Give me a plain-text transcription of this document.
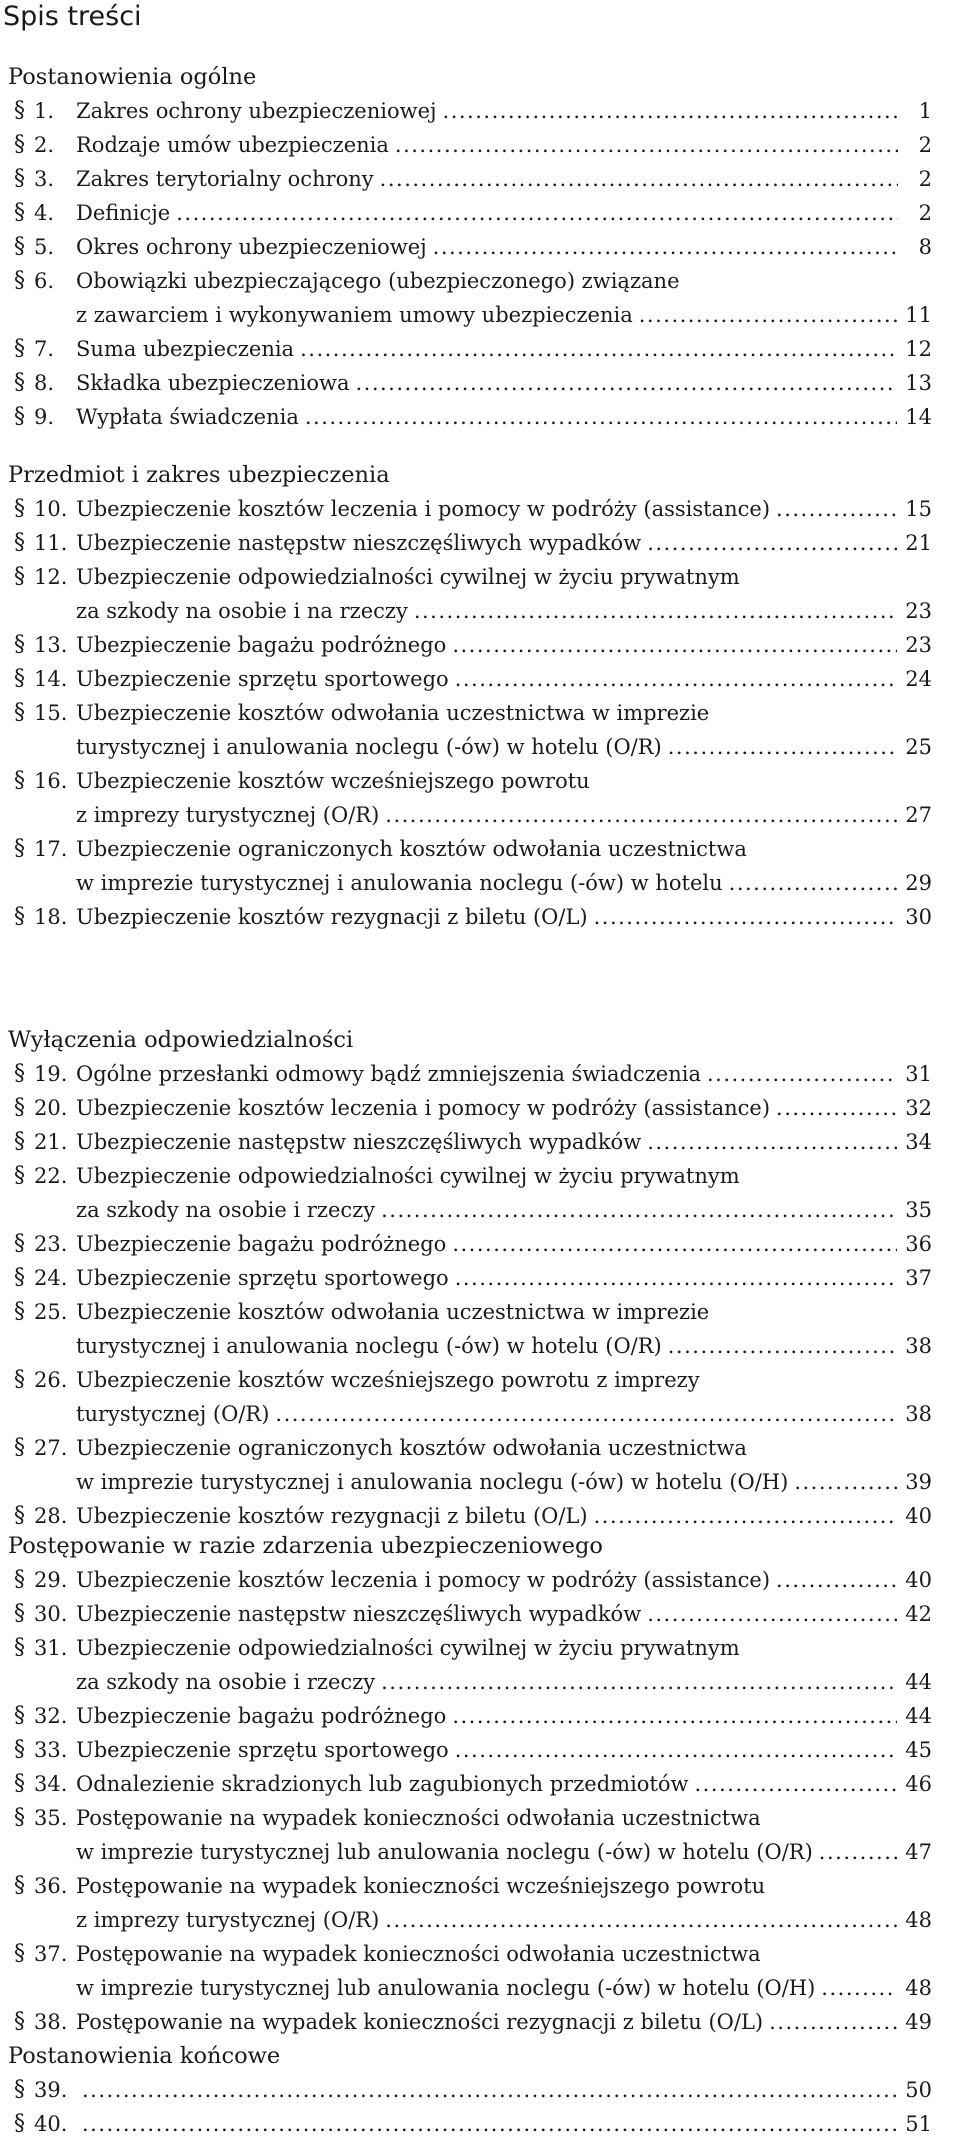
Spis treści
Postanowienia ogólne
§ 1. Zakres ochrony ubezpieczeniowej .....	1
§ 2. Rodzaje umów ubezpieczenia .....	2
§ 3. Zakres terytorialny ochrony .....	2
§ 4. Definicje .....	2
§ 5. Okres ochrony ubezpieczeniowej .....	8
§ 6. Obowiązki ubezpieczającego (ubezpieczonego) związane
z zawarciem i wykonywaniem umowy ubezpieczenia .....	11
§ 7. Suma ubezpieczenia .....	12
§ 8. Składka ubezpieczeniowa .....	13
§ 9. Wypłata świadczenia .....	14
Przedmiot i zakres ubezpieczenia
§ 10. Ubezpieczenie kosztów leczenia i pomocy w podróży (assistance) .....	15
§ 11. Ubezpieczenie następstw nieszczęśliwych wypadków .....	21
§ 12. Ubezpieczenie odpowiedzialności cywilnej w życiu prywatnym
za szkody na osobie i na rzeczy .....	23
§ 13. Ubezpieczenie bagażu podróżnego .....	23
§ 14. Ubezpieczenie sprzętu sportowego .....	24
§ 15. Ubezpieczenie kosztów odwołania uczestnictwa w imprezie
turystycznej i anulowania noclegu (-ów) w hotelu (O/R) .....	25
§ 16. Ubezpieczenie kosztów wcześniejszego powrotu
z imprezy turystycznej (O/R) .....	27
§ 17. Ubezpieczenie ograniczonych kosztów odwołania uczestnictwa
w imprezie turystycznej i anulowania noclegu (-ów) w hotelu .....	29
§ 18. Ubezpieczenie kosztów rezygnacji z biletu (O/L) .....	30
Wyłączenia odpowiedzialności
§ 19. Ogólne przesłanki odmowy bądź zmniejszenia świadczenia .....	31
§ 20. Ubezpieczenie kosztów leczenia i pomocy w podróży (assistance) .....	32
§ 21. Ubezpieczenie następstw nieszczęśliwych wypadków .....	34
§ 22. Ubezpieczenie odpowiedzialności cywilnej w życiu prywatnym
za szkody na osobie i rzeczy .....	35
§ 23. Ubezpieczenie bagażu podróżnego .....	36
§ 24. Ubezpieczenie sprzętu sportowego .....	37
§ 25. Ubezpieczenie kosztów odwołania uczestnictwa w imprezie
turystycznej i anulowania noclegu (-ów) w hotelu (O/R) .....	38
§ 26. Ubezpieczenie kosztów wcześniejszego powrotu z imprezy
turystycznej (O/R) .....	38
§ 27. Ubezpieczenie ograniczonych kosztów odwołania uczestnictwa
w imprezie turystycznej i anulowania noclegu (-ów) w hotelu (O/H) .....	39
§ 28. Ubezpieczenie kosztów rezygnacji z biletu (O/L) .....	40
Postępowanie w razie zdarzenia ubezpieczeniowego
§ 29. Ubezpieczenie kosztów leczenia i pomocy w podróży (assistance) .....	40
§ 30. Ubezpieczenie następstw nieszczęśliwych wypadków .....	42
§ 31. Ubezpieczenie odpowiedzialności cywilnej w życiu prywatnym
za szkody na osobie i rzeczy .....	44
§ 32. Ubezpieczenie bagażu podróżnego .....	44
§ 33. Ubezpieczenie sprzętu sportowego .....	45
§ 34. Odnalezienie skradzionych lub zagubionych przedmiotów .....	46
§ 35. Postępowanie na wypadek konieczności odwołania uczestnictwa
w imprezie turystycznej lub anulowania noclegu (-ów) w hotelu (O/R) .....	47
§ 36. Postępowanie na wypadek konieczności wcześniejszego powrotu
z imprezy turystycznej (O/R) .....	48
§ 37. Postępowanie na wypadek konieczności odwołania uczestnictwa
w imprezie turystycznej lub anulowania noclegu (-ów) w hotelu (O/H) .....	48
§ 38. Postępowanie na wypadek konieczności rezygnacji z biletu (O/L) .....	49
Postanowienia końcowe
§ 39. .....	50
§ 40. .....	51
